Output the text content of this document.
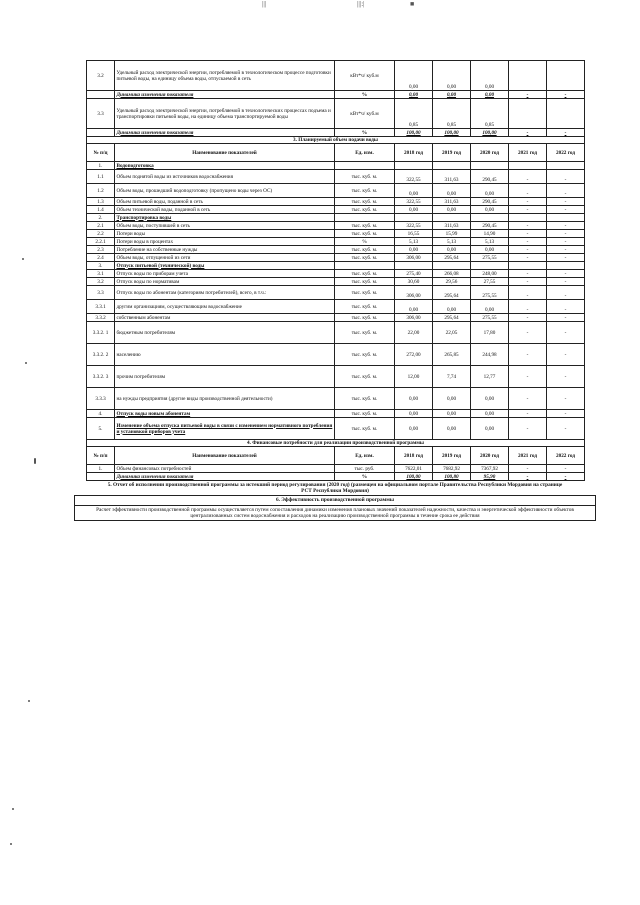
|||	|||:|	■
3.2	Удельный расход электрической энергии, потребляемой в технологическом процессе подготовки питьевой воды, на единицу объема воды, отпускаемой в сеть	кВт*ч/ куб.м	0,00	0,00	0,00		
	Динамика изменения показателя	%	0,00	0,00	0,00	-	-
3.3	Удельный расход электрической энергии, потребляемой в технологических процессах подъема и транспортировки питьевой воды, на единицу объема транспортируемой воды	кВт*ч/ куб.м	0,85	0,85	0,85		
	Динамика изменения показателя	%	100,00	100,00	100,00	-	-
3. Планируемый объем подачи воды							
№ п/ц	Наименование показателей	Ед. изм.	2018 год	2019 год	2020 год	2021 год	2022 год
1.	Водоподготовка						
1.1	Объем поднятой воды из источников водоснабжения	тыс. куб. м.	322,55	311,63	290,45	-	-
1.2	Объем воды, прошедший водоподготовку (пропущено воды через ОС)	тыс. куб. м.	0,00	0,00	0,00	-	-
1.3	Объем питьевой воды, поданной в сеть	тыс. куб. м.	322,55	311,63	290,45	-	-
1.4	Объем технической воды, поданной в сеть	тыс. куб. м.	0,00	0,00	0,00	-	-
2.	Транспортировка воды						
2.1	Объем воды, поступившей в сеть	тыс. куб. м.	322,55	311,63	290,45	-	-
2.2	Потери воды	тыс. куб. м.	16,55	15,99	14,90	-	-
2.2.1	Потери воды в процентах	%	5,13	5,13	5,13	-	-
2.3	Потребление на собственные нужды	тыс. куб. м.	0,00	0,00	0,00	-	-
2.4	Объем воды, отпущенной из сети	тыс. куб. м.	306,00	295,64	275,55	-	-
3.	Отпуск питьевой (технической) воды						
3.1	Отпуск воды по приборам учета	тыс. куб. м.	275,40	266,08	248,00	-	-
3.2	Отпуск воды по нормативам	тыс. куб. м.	30,60	29,56	27,55	-	-
3.3	Отпуск воды по абонентам (категориям потребителей), всего, в т.ч.:	тыс. куб. м.	306,00	295,64	275,55	-	-
3.3.1	другим организациям, осуществляющим водоснабжение	тыс. куб. м.	0,00	0,00	0,00	-	-
3.3.2	собственным абонентам	тыс. куб. м.	306,00	295,64	275,55	-	-
3.3.2. 1	бюджетным потребителям	тыс. куб. м.	22,00	22,05	17,80	-	-
3.3.2. 2	населению	тыс. куб. м.	272,00	265,85	244,98	-	-
3.3.2. 3	прочим потребителям	тыс. куб. м.	12,00	7,74	12,77	-	-
3.3.3	на нужды предприятия (другие виды производственной деятельности)	тыс. куб. м.	0,00	0,00	0,00	-	-
4.	Отпуск воды новым абонентам	тыс. куб. м.	0,00	0,00	0,00	-	-
5.	Изменение объема отпуска питьевой воды в связи с изменением нормативного потребления и установкой приборов учета	тыс. куб. м.	0,00	0,00	0,00	-	-
4. Финансовые потребности для реализации производственной программы							
№ п/п	Наименование показателей	Ед. изм.	2018 год	2019 год	2020 год	2021 год	2022 год
1.	Объем финансовых потребностей	тыс. руб.	7622,01	7682,92	7367,92	-	-
	Динамика изменения показателя	%	100,00	100,80	95,90	-	-
5. Отчет об исполнении производственной программы за истекший период регулирования (2020 год) (размещен на официальном портале Правительства Республики Мордовия на странице РСТ Республики Мордовия)
6. Эффективность производственной программы
Расчет эффективности производственной программы осуществляется путем сопоставления динамики изменения плановых значений показателей надежности, качества и энергетической эффективности объектов централизованных систем водоснабжения и расходов на реализацию производственной программы в течение срока ее действия
